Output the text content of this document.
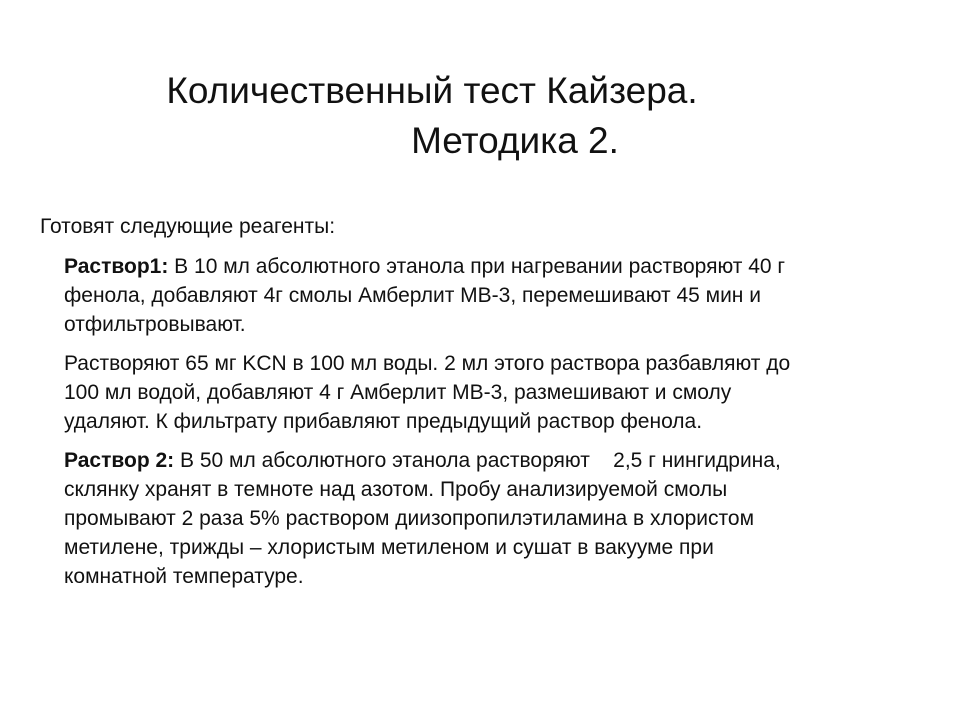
Количественный тест Кайзера.
Методика 2.
Готовят следующие реагенты:
Раствор1: В 10 мл абсолютного этанола при нагревании растворяют 40 г
фенола, добавляют 4г смолы Амберлит МВ-3, перемешивают 45 мин и
отфильтровывают.
Растворяют 65 мг KCN в 100 мл воды. 2 мл этого раствора разбавляют до
100 мл водой, добавляют 4 г Амберлит МВ-3, размешивают и смолу
удаляют. К фильтрату прибавляют предыдущий раствор фенола.
Раствор 2: В 50 мл абсолютного этанола растворяют    2,5 г нингидрина,
склянку хранят в темноте над азотом. Пробу анализируемой смолы
промывают 2 раза 5% раствором диизопропилэтиламина в хлористом
метилене, трижды – хлористым метиленом и сушат в вакууме при
комнатной температуре.
